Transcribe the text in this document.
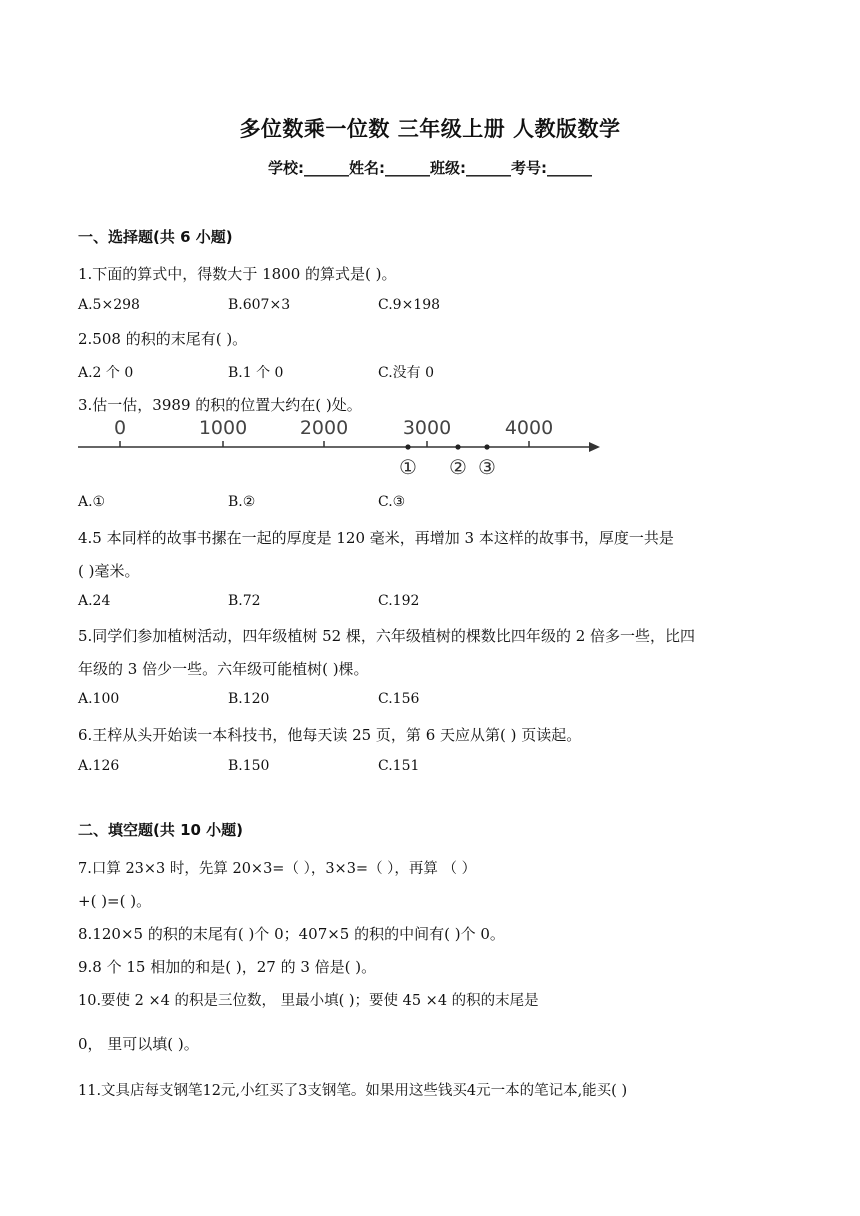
多位数乘一位数 三年级上册 人教版数学
学校:______姓名:______班级:______考号:______
一、选择题(共 6 小题)
1.下面的算式中，得数大于 1800 的算式是( )。
A.5×298	B.607×3	C.9×198
2.508 的积的末尾有( )。
A.2 个 0	B.1 个 0	C.没有 0
3.估一估，3989 的积的位置大约在( )处。
0	1000	2000	3000	4000
① ② ③
A.①	B.②	C.③
4.5 本同样的故事书摞在一起的厚度是 120 毫米，再增加 3 本这样的故事书，厚度一共是
( )毫米。
A.24	B.72	C.192
5.同学们参加植树活动，四年级植树 52 棵，六年级植树的棵数比四年级的 2 倍多一些，比四
年级的 3 倍少一些。六年级可能植树( )棵。
A.100	B.120	C.156
6.王梓从头开始读一本科技书，他每天读 25 页，第 6 天应从第( ) 页读起。
A.126	B.150	C.151
二、填空题(共 10 小题)
7.口算 23×3 时，先算 20×3=（ ），3×3=（ ），再算 （ ）
+( )=( )。
8.120×5 的积的末尾有( )个 0；407×5 的积的中间有( )个 0。
9.8 个 15 相加的和是( )，27 的 3 倍是( )。
10.要使 2 ×4 的积是三位数， 里最小填( )；要使 45 ×4 的积的末尾是
0， 里可以填( )。
11.文具店每支钢笔12元,小红买了3支钢笔。如果用这些钱买4元一本的笔记本,能买( )
